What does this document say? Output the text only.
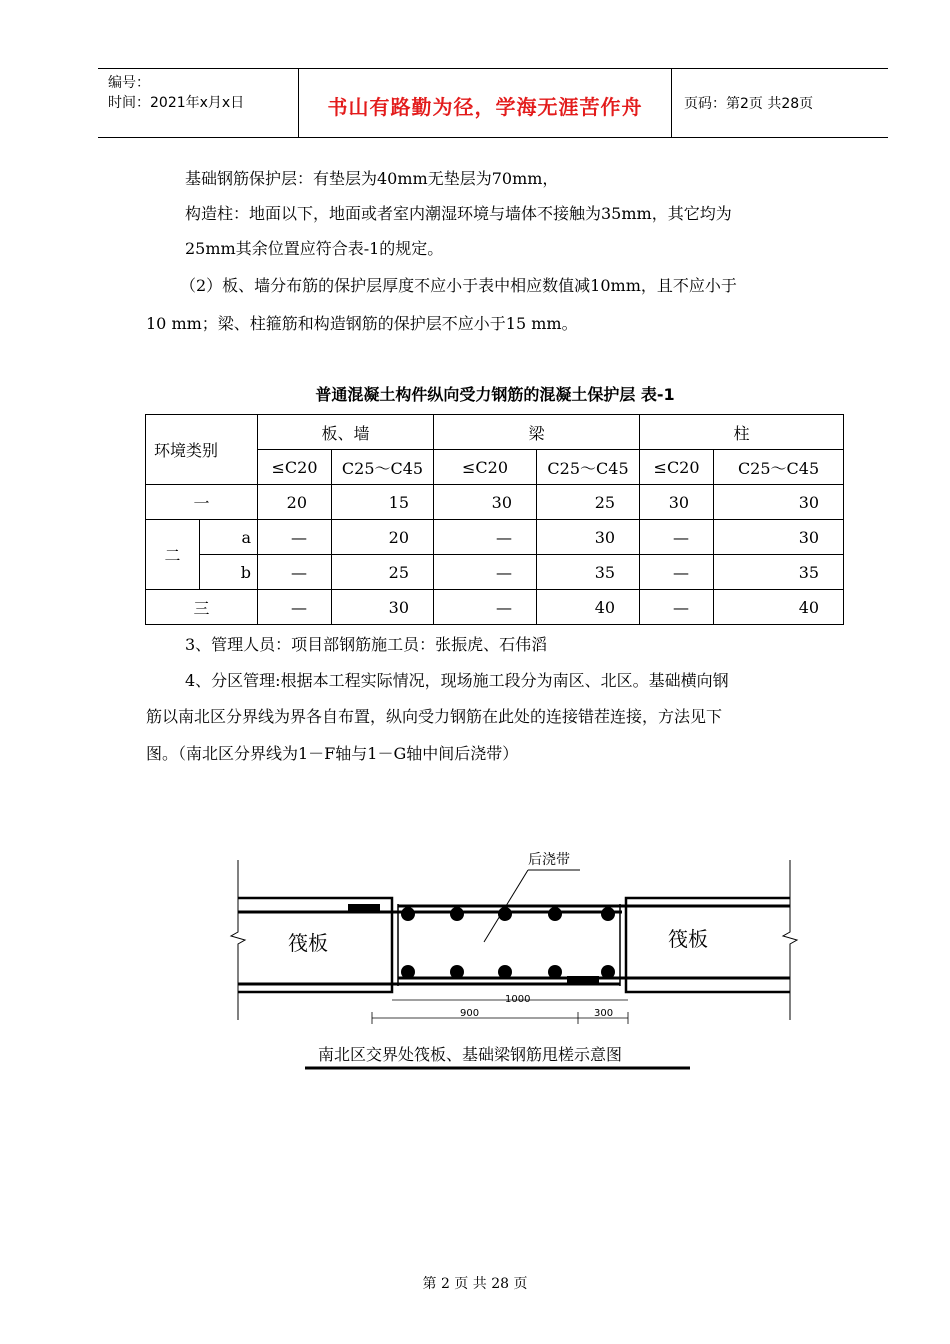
编号：
时间：2021年x月x日	书山有路勤为径，学海无涯苦作舟	页码：第2页 共28页
基础钢筋保护层：有垫层为40mm无垫层为70mm，
构造柱：地面以下，地面或者室内潮湿环境与墙体不接触为35mm，其它均为
25mm其余位置应符合表-1的规定。
（2）板、墙分布筋的保护层厚度不应小于表中相应数值减10mm，且不应小于
10 mm；梁、柱箍筋和构造钢筋的保护层不应小于15 mm。
普通混凝土构件纵向受力钢筋的混凝土保护层 表-1
环境类别		板、墙		梁		柱	
		≤C20	C25～C45	≤C20	C25～C45	≤C20	C25～C45
一		20	15	30	25	30	30
二	a	—	20	—	30	—	30
	b	—	25	—	35	—	35
三		—	30	—	40	—	40
3、管理人员：项目部钢筋施工员：张振虎、石伟滔
4、分区管理:根据本工程实际情况，现场施工段分为南区、北区。基础横向钢
筋以南北区分界线为界各自布置，纵向受力钢筋在此处的连接错茬连接，方法见下
图。（南北区分界线为1－F轴与1－G轴中间后浇带）
后浇带
筏板	筏板
1000
900	300
南北区交界处筏板、基础梁钢筋甩槎示意图
第 2 页 共 28 页
